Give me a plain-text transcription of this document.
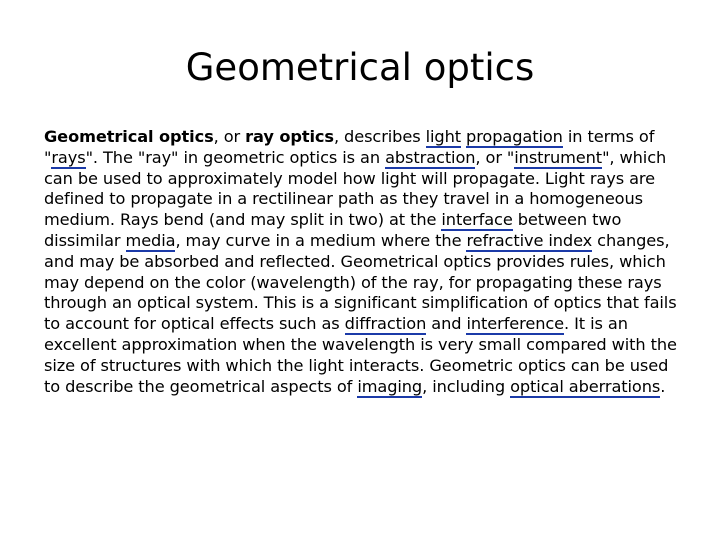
Geometrical optics

Geometrical optics, or ray optics, describes light propagation in terms of "rays". The "ray" in geometric optics is an abstraction, or "instrument", which can be used to approximately model how light will propagate. Light rays are defined to propagate in a rectilinear path as they travel in a homogeneous medium. Rays bend (and may split in two) at the interface between two dissimilar media, may curve in a medium where the refractive index changes, and may be absorbed and reflected. Geometrical optics provides rules, which may depend on the color (wavelength) of the ray, for propagating these rays through an optical system. This is a significant simplification of optics that fails to account for optical effects such as diffraction and interference. It is an excellent approximation when the wavelength is very small compared with the size of structures with which the light interacts. Geometric optics can be used to describe the geometrical aspects of imaging, including optical aberrations.
